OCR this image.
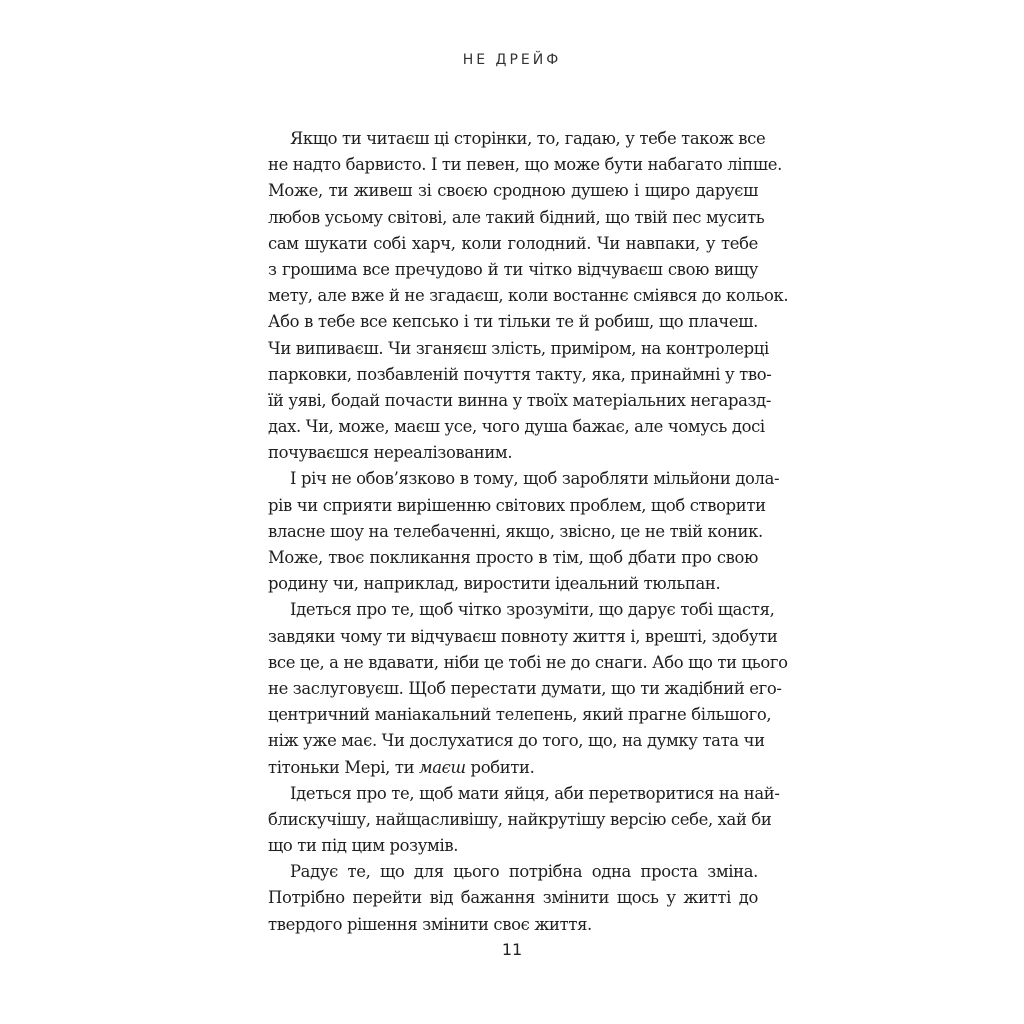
НЕ ДРЕЙФ

Якщо ти читаєш ці сторінки, то, гадаю, у тебе також все
не надто барвисто. І ти певен, що може бути набагато ліпше.
Може, ти живеш зі своєю сродною душею і щиро даруєш
любов усьому світові, але такий бідний, що твій пес мусить
сам шукати собі харч, коли голодний. Чи навпаки, у тебе
з грошима все пречудово й ти чітко відчуваєш свою вищу
мету, але вже й не згадаєш, коли востаннє сміявся до кольок.
Або в тебе все кепсько і ти тільки те й робиш, що плачеш.
Чи випиваєш. Чи зганяєш злість, приміром, на контролерці
парковки, позбавленій почуття такту, яка, принаймні у тво-
їй уяві, бодай почасти винна у твоїх матеріальних негаразд-
дах. Чи, може, маєш усе, чого душа бажає, але чомусь досі
почуваєшся нереалізованим.

І річ не обов’язково в тому, щоб заробляти мільйони дола-
рів чи сприяти вирішенню світових проблем, щоб створити
власне шоу на телебаченні, якщо, звісно, це не твій коник.
Може, твоє покликання просто в тім, щоб дбати про свою
родину чи, наприклад, виростити ідеальний тюльпан.

Ідеться про те, щоб чітко зрозуміти, що дарує тобі щастя,
завдяки чому ти відчуваєш повноту життя і, врешті, здобути
все це, а не вдавати, ніби це тобі не до снаги. Або що ти цього
не заслуговуєш. Щоб перестати думати, що ти жадібний его-
центричний маніакальний телепень, який прагне більшого,
ніж уже має. Чи дослухатися до того, що, на думку тата чи
тітоньки Мері, ти маєш робити.

Ідеться про те, щоб мати яйця, аби перетворитися на най-
блискучішу, найщасливішу, найкрутішу версію себе, хай би
що ти під цим розумів.

Радує те, що для цього потрібна одна проста зміна.
Потрібно перейти від бажання змінити щось у житті до
твердого рішення змінити своє життя.

11
